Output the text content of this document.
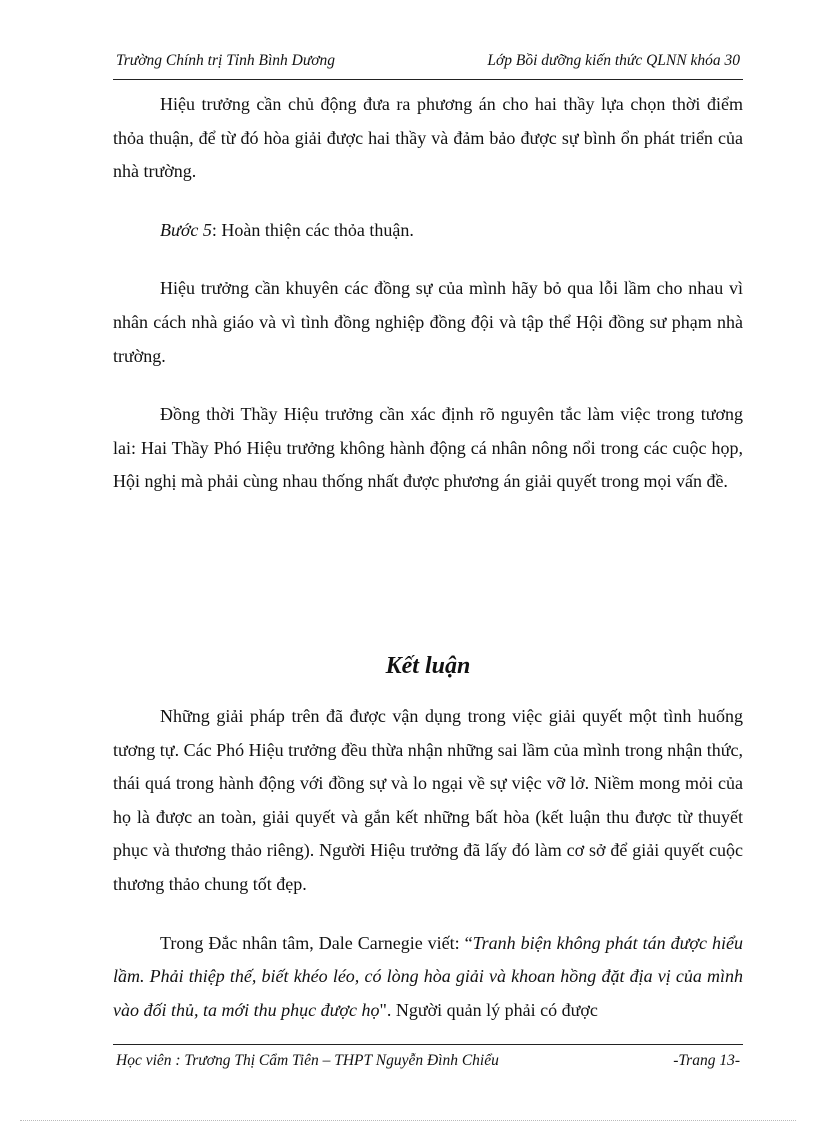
Trường Chính trị Tỉnh Bình Dương	Lớp Bồi dưỡng kiến thức QLNN khóa 30

Hiệu trưởng cần chủ động đưa ra phương án cho hai thầy lựa chọn thời điểm thỏa thuận, để từ đó hòa giải được hai thầy và đảm bảo được sự bình ổn phát triển của nhà trường.

Bước 5: Hoàn thiện các thỏa thuận.

Hiệu trưởng cần khuyên các đồng sự của mình hãy bỏ qua lỗi lầm cho nhau vì nhân cách nhà giáo và vì tình đồng nghiệp đồng đội và tập thể Hội đồng sư phạm nhà trường.

Đồng thời Thầy Hiệu trưởng cần xác định rõ nguyên tắc làm việc trong tương lai: Hai Thầy Phó Hiệu trưởng không hành động cá nhân nông nổi trong các cuộc họp, Hội nghị mà phải cùng nhau thống nhất được phương án giải quyết trong mọi vấn đề.

Kết luận

Những giải pháp trên đã được vận dụng trong việc giải quyết một tình huống tương tự. Các Phó Hiệu trưởng đều thừa nhận những sai lầm của mình trong nhận thức, thái quá trong hành động với đồng sự và lo ngại về sự việc vỡ lở. Niềm mong mỏi của họ là được an toàn, giải quyết và gắn kết những bất hòa (kết luận thu được từ thuyết phục và thương thảo riêng). Người Hiệu trưởng đã lấy đó làm cơ sở để giải quyết cuộc thương thảo chung tốt đẹp.

Trong Đắc nhân tâm, Dale Carnegie viết: “Tranh biện không phát tán được hiểu lầm. Phải thiệp thế, biết khéo léo, có lòng hòa giải và khoan hồng đặt địa vị của mình vào đối thủ, ta mới thu phục được họ". Người quản lý phải có được

Học viên : Trương Thị Cẩm Tiên – THPT Nguyễn Đình Chiểu	-Trang 13-
